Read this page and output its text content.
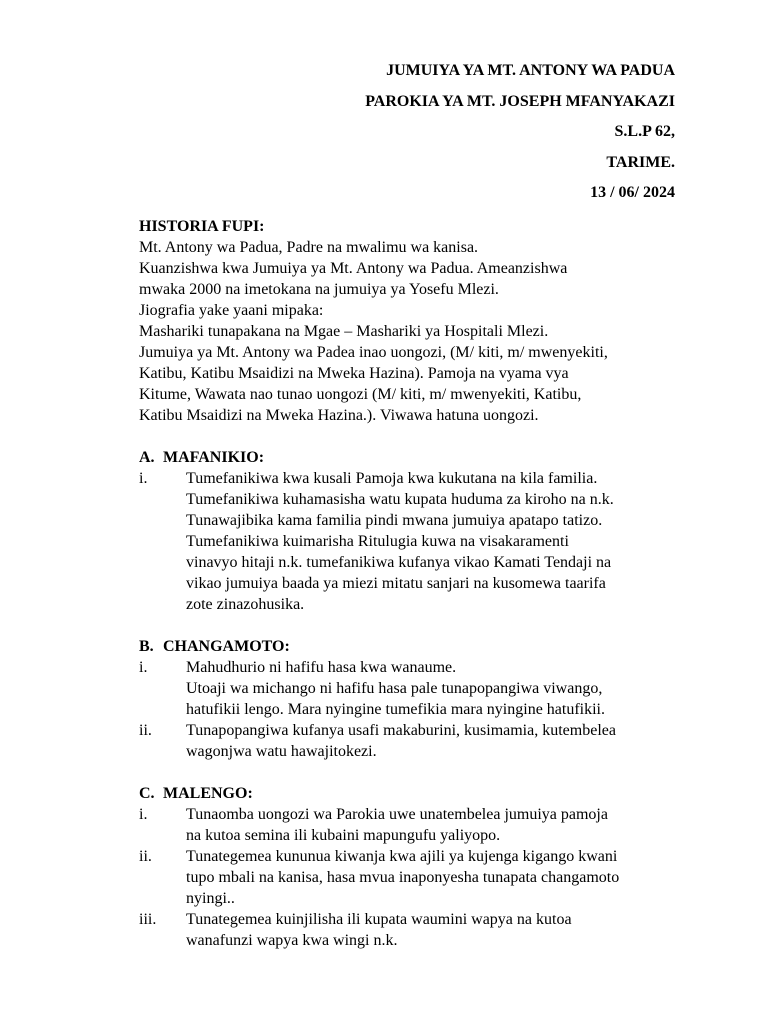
JUMUIYA YA MT. ANTONY WA PADUA
PAROKIA YA MT. JOSEPH MFANYAKAZI
S.L.P 62,
TARIME.
13 / 06/ 2024
HISTORIA FUPI:
Mt. Antony wa Padua, Padre na mwalimu wa kanisa.
Kuanzishwa kwa Jumuiya ya Mt. Antony wa Padua. Ameanzishwa
mwaka 2000 na imetokana na jumuiya ya Yosefu Mlezi.
Jiografia yake yaani mipaka:
Mashariki tunapakana na Mgae – Mashariki ya Hospitali Mlezi.
Jumuiya ya Mt. Antony wa Padea inao uongozi, (M/ kiti, m/ mwenyekiti,
Katibu, Katibu Msaidizi na Mweka Hazina). Pamoja na vyama vya
Kitume, Wawata nao tunao uongozi (M/ kiti, m/ mwenyekiti, Katibu,
Katibu Msaidizi na Mweka Hazina.). Viwawa hatuna uongozi.
A. MAFANIKIO:
i.	Tumefanikiwa kwa kusali Pamoja kwa kukutana na kila familia.
Tumefanikiwa kuhamasisha watu kupata huduma za kiroho na n.k.
Tunawajibika kama familia pindi mwana jumuiya apatapo tatizo.
Tumefanikiwa kuimarisha Ritulugia kuwa na visakaramenti
vinavyo hitaji n.k. tumefanikiwa kufanya vikao Kamati Tendaji na
vikao jumuiya baada ya miezi mitatu sanjari na kusomewa taarifa
zote zinazohusika.
B. CHANGAMOTO:
i.	Mahudhurio ni hafifu hasa kwa wanaume.
Utoaji wa michango ni hafifu hasa pale tunapopangiwa viwango,
hatufikii lengo. Mara nyingine tumefikia mara nyingine hatufikii.
ii.	Tunapopangiwa kufanya usafi makaburini, kusimamia, kutembelea
wagonjwa watu hawajitokezi.
C. MALENGO:
i.	Tunaomba uongozi wa Parokia uwe unatembelea jumuiya pamoja
na kutoa semina ili kubaini mapungufu yaliyopo.
ii.	Tunategemea kununua kiwanja kwa ajili ya kujenga kigango kwani
tupo mbali na kanisa, hasa mvua inaponyesha tunapata changamoto
nyingi..
iii.	Tunategemea kuinjilisha ili kupata waumini wapya na kutoa
wanafunzi wapya kwa wingi n.k.
